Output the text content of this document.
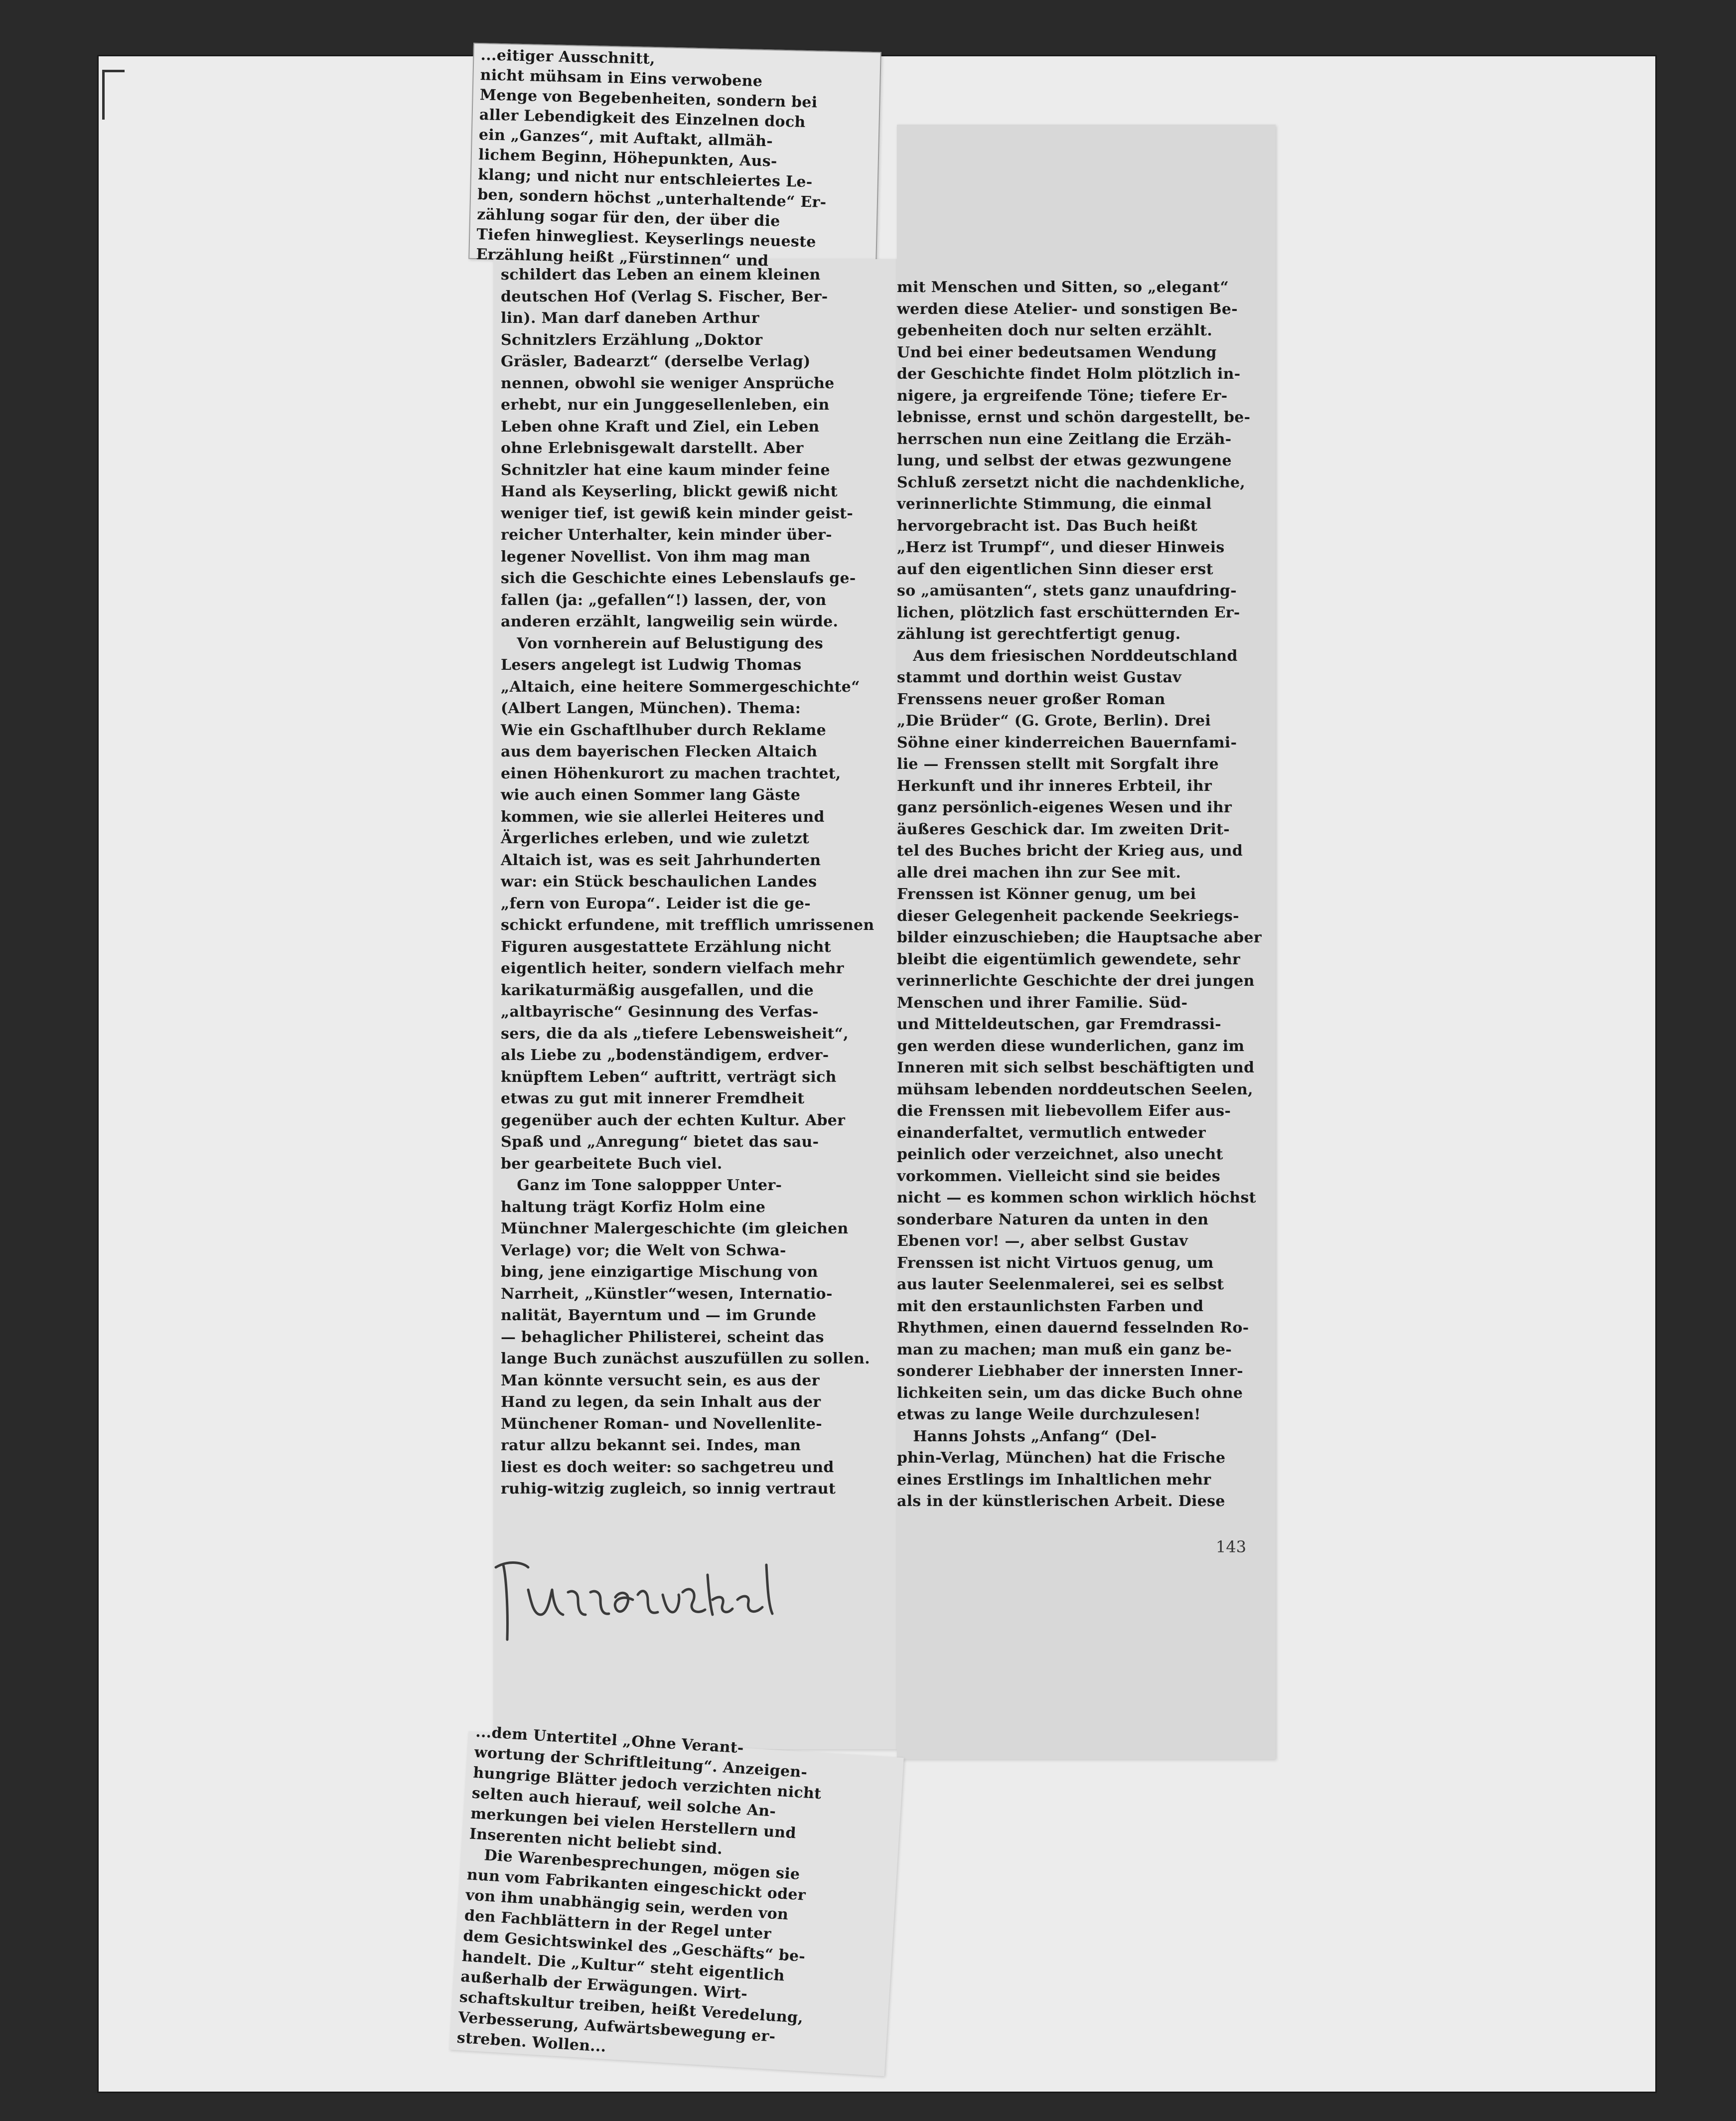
...eitiger Ausschnitt,
nicht mühsam in Eins verwobene
Menge von Begebenheiten, sondern bei
aller Lebendigkeit des Einzelnen doch
ein „Ganzes“, mit Auftakt, allmäh-
lichem Beginn, Höhepunkten, Aus-
klang; und nicht nur entschleiertes Le-
ben, sondern höchst „unterhaltende“ Er-
zählung sogar für den, der über die
Tiefen hinwegliest. Keyserlings neueste
Erzählung heißt „Fürstinnen“ und
schildert das Leben an einem kleinen
deutschen Hof (Verlag S. Fischer, Ber-
lin). Man darf daneben Arthur
Schnitzlers Erzählung „Doktor
Gräsler, Badearzt“ (derselbe Verlag)
nennen, obwohl sie weniger Ansprüche
erhebt, nur ein Junggesellenleben, ein
Leben ohne Kraft und Ziel, ein Leben
ohne Erlebnisgewalt darstellt. Aber
Schnitzler hat eine kaum minder feine
Hand als Keyserling, blickt gewiß nicht
weniger tief, ist gewiß kein minder geist-
reicher Unterhalter, kein minder über-
legener Novellist. Von ihm mag man
sich die Geschichte eines Lebenslaufs ge-
fallen (ja: „gefallen“!) lassen, der, von
anderen erzählt, langweilig sein würde.
Von vornherein auf Belustigung des
Lesers angelegt ist Ludwig Thomas
„Altaich, eine heitere Sommergeschichte“
(Albert Langen, München). Thema:
Wie ein Gschaftlhuber durch Reklame
aus dem bayerischen Flecken Altaich
einen Höhenkurort zu machen trachtet,
wie auch einen Sommer lang Gäste
kommen, wie sie allerlei Heiteres und
Ärgerliches erleben, und wie zuletzt
Altaich ist, was es seit Jahrhunderten
war: ein Stück beschaulichen Landes
„fern von Europa“. Leider ist die ge-
schickt erfundene, mit trefflich umrissenen
Figuren ausgestattete Erzählung nicht
eigentlich heiter, sondern vielfach mehr
karikaturmäßig ausgefallen, und die
„altbayrische“ Gesinnung des Verfas-
sers, die da als „tiefere Lebensweisheit“,
als Liebe zu „bodenständigem, erdver-
knüpftem Leben“ auftritt, verträgt sich
etwas zu gut mit innerer Fremdheit
gegenüber auch der echten Kultur. Aber
Spaß und „Anregung“ bietet das sau-
ber gearbeitete Buch viel.
Ganz im Tone saloppper Unter-
haltung trägt Korfiz Holm eine
Münchner Malergeschichte (im gleichen
Verlage) vor; die Welt von Schwa-
bing, jene einzigartige Mischung von
Narrheit, „Künstler“wesen, Internatio-
nalität, Bayerntum und — im Grunde
— behaglicher Philisterei, scheint das
lange Buch zunächst auszufüllen zu sollen.
Man könnte versucht sein, es aus der
Hand zu legen, da sein Inhalt aus der
Münchener Roman- und Novellenlite-
ratur allzu bekannt sei. Indes, man
liest es doch weiter: so sachgetreu und
ruhig-witzig zugleich, so innig vertraut
mit Menschen und Sitten, so „elegant“
werden diese Atelier- und sonstigen Be-
gebenheiten doch nur selten erzählt.
Und bei einer bedeutsamen Wendung
der Geschichte findet Holm plötzlich in-
nigere, ja ergreifende Töne; tiefere Er-
lebnisse, ernst und schön dargestellt, be-
herrschen nun eine Zeitlang die Erzäh-
lung, und selbst der etwas gezwungene
Schluß zersetzt nicht die nachdenkliche,
verinnerlichte Stimmung, die einmal
hervorgebracht ist. Das Buch heißt
„Herz ist Trumpf“, und dieser Hinweis
auf den eigentlichen Sinn dieser erst
so „amüsanten“, stets ganz unaufdring-
lichen, plötzlich fast erschütternden Er-
zählung ist gerechtfertigt genug.
Aus dem friesischen Norddeutschland
stammt und dorthin weist Gustav
Frenssens neuer großer Roman
„Die Brüder“ (G. Grote, Berlin). Drei
Söhne einer kinderreichen Bauernfami-
lie — Frenssen stellt mit Sorgfalt ihre
Herkunft und ihr inneres Erbteil, ihr
ganz persönlich-eigenes Wesen und ihr
äußeres Geschick dar. Im zweiten Drit-
tel des Buches bricht der Krieg aus, und
alle drei machen ihn zur See mit.
Frenssen ist Könner genug, um bei
dieser Gelegenheit packende Seekriegs-
bilder einzuschieben; die Hauptsache aber
bleibt die eigentümlich gewendete, sehr
verinnerlichte Geschichte der drei jungen
Menschen und ihrer Familie. Süd-
und Mitteldeutschen, gar Fremdrassi-
gen werden diese wunderlichen, ganz im
Inneren mit sich selbst beschäftigten und
mühsam lebenden norddeutschen Seelen,
die Frenssen mit liebevollem Eifer aus-
einanderfaltet, vermutlich entweder
peinlich oder verzeichnet, also unecht
vorkommen. Vielleicht sind sie beides
nicht — es kommen schon wirklich höchst
sonderbare Naturen da unten in den
Ebenen vor! —, aber selbst Gustav
Frenssen ist nicht Virtuos genug, um
aus lauter Seelenmalerei, sei es selbst
mit den erstaunlichsten Farben und
Rhythmen, einen dauernd fesselnden Ro-
man zu machen; man muß ein ganz be-
sonderer Liebhaber der innersten Inner-
lichkeiten sein, um das dicke Buch ohne
etwas zu lange Weile durchzulesen!
Hanns Johsts „Anfang“ (Del-
phin-Verlag, München) hat die Frische
eines Erstlings im Inhaltlichen mehr
als in der künstlerischen Arbeit. Diese
...dem Untertitel „Ohne Verant-
wortung der Schriftleitung“. Anzeigen-
hungrige Blätter jedoch verzichten nicht
selten auch hierauf, weil solche An-
merkungen bei vielen Herstellern und
Inserenten nicht beliebt sind.
Die Warenbesprechungen, mögen sie
nun vom Fabrikanten eingeschickt oder
von ihm unabhängig sein, werden von
den Fachblättern in der Regel unter
dem Gesichtswinkel des „Geschäfts“ be-
handelt. Die „Kultur“ steht eigentlich
außerhalb der Erwägungen. Wirt-
schaftskultur treiben, heißt Veredelung,
Verbesserung, Aufwärtsbewegung er-
streben. Wollen...
143
